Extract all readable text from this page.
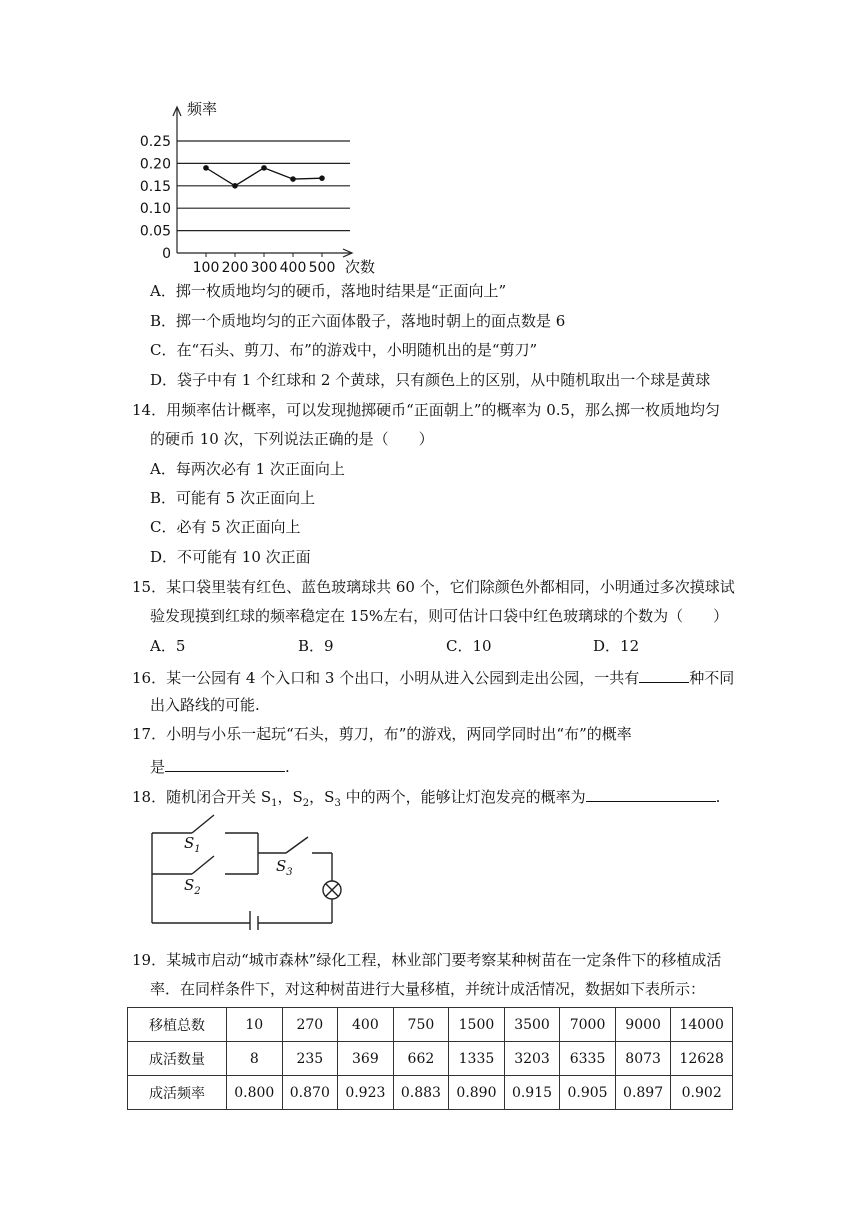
0
0.05
0.10
0.15
0.20
0.25
100 200 300 400 500
频率
次数
A．掷一枚质地均匀的硬币，落地时结果是“正面向上”
B．掷一个质地均匀的正六面体骰子，落地时朝上的面点数是 6
C．在“石头、剪刀、布”的游戏中，小明随机出的是“剪刀”
D．袋子中有 1 个红球和 2 个黄球，只有颜色上的区别，从中随机取出一个球是黄球
14．用频率估计概率，可以发现抛掷硬币“正面朝上”的概率为 0.5，那么掷一枚质地均匀
的硬币 10 次，下列说法正确的是（　　）
A．每两次必有 1 次正面向上
B．可能有 5 次正面向上
C．必有 5 次正面向上
D．不可能有 10 次正面
15．某口袋里装有红色、蓝色玻璃球共 60 个，它们除颜色外都相同，小明通过多次摸球试
验发现摸到红球的频率稳定在 15%左右，则可估计口袋中红色玻璃球的个数为（　　）
A．5	B．9	C．10	D．12
16．某一公园有 4 个入口和 3 个出口，小明从进入公园到走出公园，一共有	种不同
出入路线的可能.
17．小明与小乐一起玩“石头，剪刀，布”的游戏，两同学同时出“布”的概率
是	.
18．随机闭合开关 $S_1$，$S_2$，$S_3$ 中的两个，能够让灯泡发亮的概率为	.
$S_1$
$S_2$
$S_3$
19．某城市启动“城市森林”绿化工程，林业部门要考察某种树苗在一定条件下的移植成活
率．在同样条件下，对这种树苗进行大量移植，并统计成活情况，数据如下表所示：
移植总数	10	270	400	750	1500	3500	7000	9000	14000
成活数量	8	235	369	662	1335	3203	6335	8073	12628
成活频率	0.800	0.870	0.923	0.883	0.890	0.915	0.905	0.897	0.902
